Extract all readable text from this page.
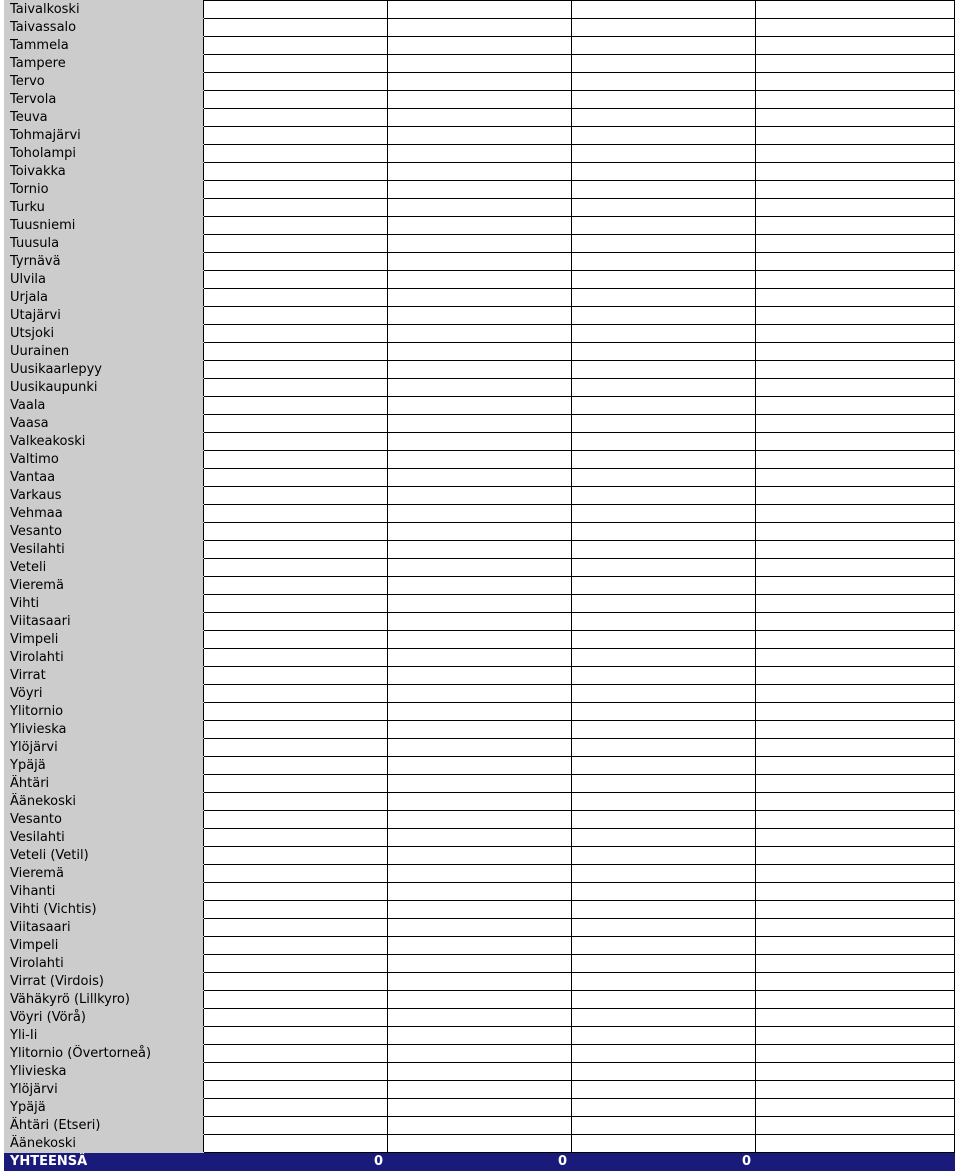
Taivalkoski				
Taivassalo				
Tammela				
Tampere				
Tervo				
Tervola				
Teuva				
Tohmajärvi				
Toholampi				
Toivakka				
Tornio				
Turku				
Tuusniemi				
Tuusula				
Tyrnävä				
Ulvila				
Urjala				
Utajärvi				
Utsjoki				
Uurainen				
Uusikaarlepyy				
Uusikaupunki				
Vaala				
Vaasa				
Valkeakoski				
Valtimo				
Vantaa				
Varkaus				
Vehmaa				
Vesanto				
Vesilahti				
Veteli				
Vieremä				
Vihti				
Viitasaari				
Vimpeli				
Virolahti				
Virrat				
Vöyri				
Ylitornio				
Ylivieska				
Ylöjärvi				
Ypäjä				
Ähtäri				
Äänekoski				
Vesanto				
Vesilahti				
Veteli (Vetil)				
Vieremä				
Vihanti				
Vihti (Vichtis)				
Viitasaari				
Vimpeli				
Virolahti				
Virrat (Virdois)				
Vähäkyrö (Lillkyro)				
Vöyri (Vörå)				
Yli-Ii				
Ylitornio (Övertorneå)				
Ylivieska				
Ylöjärvi				
Ypäjä				
Ähtäri (Etseri)				
Äänekoski				
YHTEENSÄ	0	0	0	
